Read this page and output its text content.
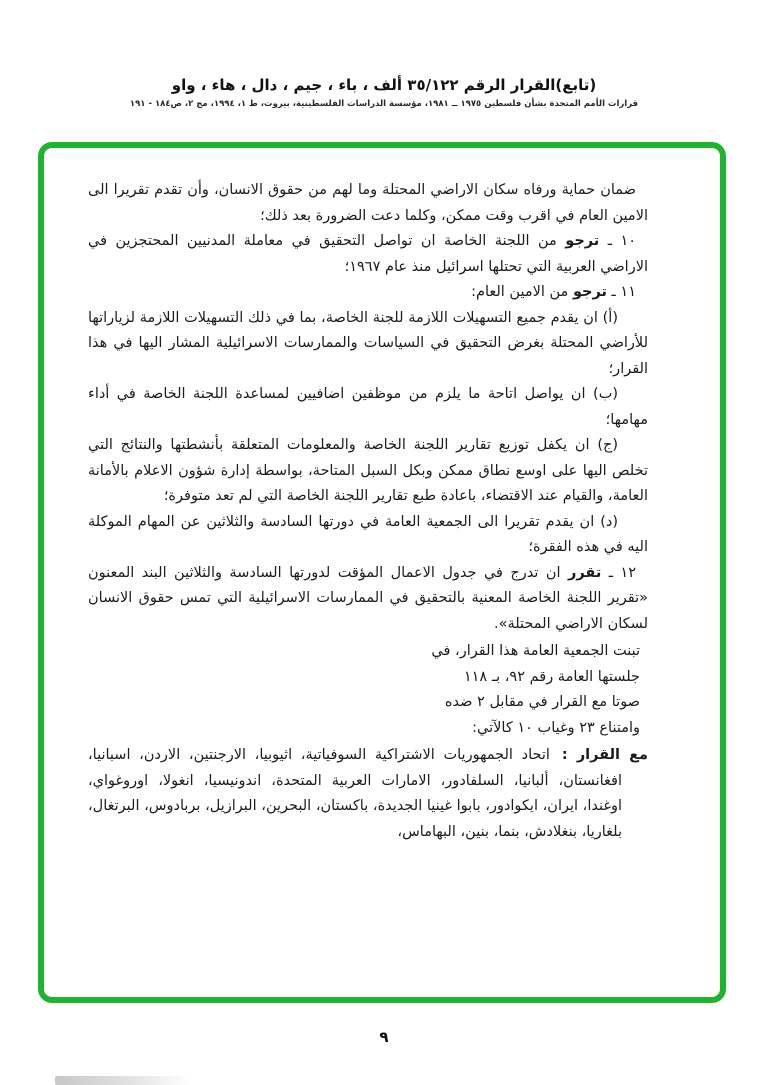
(تابع)القرار الرقم ٣٥/١٢٢ ألف ، باء ، جيم ، دال ، هاء ، واو
قرارات الأمم المتحدة بشأن فلسطين ١٩٧٥ ــ ١٩٨١، مؤسسة الدراسات الفلسطينية، بيروت، ط ١، ١٩٩٤، مج ٢، ص١٨٤ - ١٩١

ضمان حماية ورفاه سكان الاراضي المحتلة وما لهم من حقوق الانسان، وأن تقدم تقريرا الى الامين العام في اقرب وقت ممكن، وكلما دعت الضرورة بعد ذلك؛

١٠ ـ ترجو من اللجنة الخاصة ان تواصل التحقيق في معاملة المدنيين المحتجزين في الاراضي العربية التي تحتلها اسرائيل منذ عام ١٩٦٧؛

١١ ـ ترجو من الامين العام:

(أ) ان يقدم جميع التسهيلات اللازمة للجنة الخاصة، بما في ذلك التسهيلات اللازمة لزياراتها للأراضي المحتلة بغرض التحقيق في السياسات والممارسات الاسرائيلية المشار اليها في هذا القرار؛

(ب) ان يواصل اتاحة ما يلزم من موظفين اضافيين لمساعدة اللجنة الخاصة في أداء مهامها؛

(ج) ان يكفل توزيع تقارير اللجنة الخاصة والمعلومات المتعلقة بأنشطتها والنتائج التي تخلص اليها على اوسع نطاق ممكن وبكل السبل المتاحة، بواسطة إدارة شؤون الاعلام بالأمانة العامة، والقيام عند الاقتضاء، باعادة طبع تقارير اللجنة الخاصة التي لم تعد متوفرة؛

(د) ان يقدم تقريرا الى الجمعية العامة في دورتها السادسة والثلاثين عن المهام الموكلة اليه في هذه الفقرة؛

١٢ ـ تقرر ان تدرج في جدول الاعمال المؤقت لدورتها السادسة والثلاثين البند المعنون «تقرير اللجنة الخاصة المعنية بالتحقيق في الممارسات الاسرائيلية التي تمس حقوق الانسان لسكان الاراضي المحتلة».

تبنت الجمعية العامة هذا القرار، في
جلستها العامة رقم ٩٢، بـ ١١٨
صوتا مع القرار في مقابل ٢ ضده
وامتناع ٢٣ وغياب ١٠ كالآتي:

مع القرار :اتحاد الجمهوريات الاشتراكية السوفياتية، اثيوبيا، الارجنتين، الاردن، اسبانيا، افغانستان، ألبانيا، السلفادور، الامارات العربية المتحدة، اندونيسيا، انغولا، اوروغواي، اوغندا، ايران، ايكوادور، بابوا غينيا الجديدة، باكستان، البحرين، البرازيل، بربادوس، البرتغال، بلغاريا، بنغلادش، بنما، بنين، البهاماس،

٩
